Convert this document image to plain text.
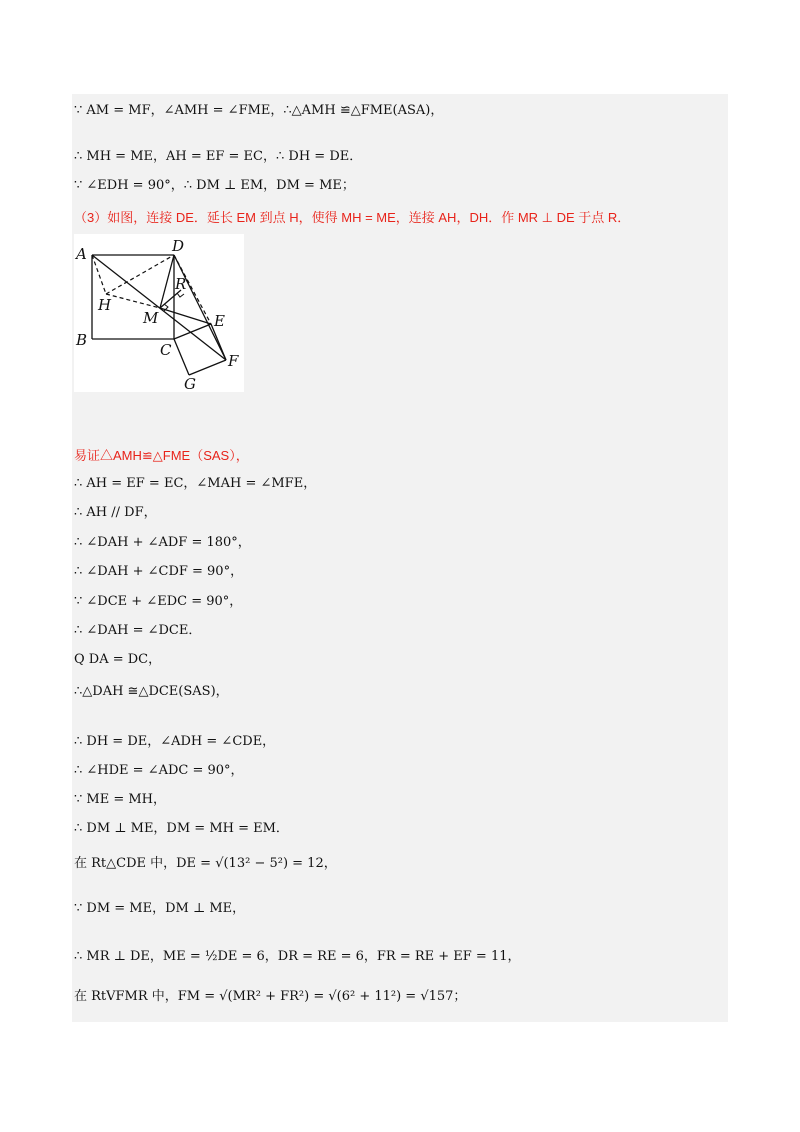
∵ AM = MF，∠AMH = ∠FME，∴△AMH ≌△FME(ASA)，
∴ MH = ME，AH = EF = EC，∴ DH = DE．
∵ ∠EDH = 90°，∴ DM ⊥ EM，DM = ME；
（3）如图，连接 DE．延长 EM 到点 H，使得 MH = ME，连接 AH，DH．作 MR ⊥ DE 于点 R．
A	D
B
C
E
F
G
H
M
R
易证△AMH≌△FME（SAS），
∴ AH = EF = EC，∠MAH = ∠MFE，
∴ AH // DF，
∴ ∠DAH + ∠ADF = 180°，
∴ ∠DAH + ∠CDF = 90°，
∵ ∠DCE + ∠EDC = 90°，
∴ ∠DAH = ∠DCE．
Q DA = DC，
∴△DAH ≅△DCE(SAS)，
∴ DH = DE，∠ADH = ∠CDE，
∴ ∠HDE = ∠ADC = 90°，
∵ ME = MH，
∴ DM ⊥ ME，DM = MH = EM．
在 Rt△CDE 中，DE = √(13² − 5²) = 12，
∵ DM = ME，DM ⊥ ME，
∴ MR ⊥ DE，ME = ½DE = 6，DR = RE = 6，FR = RE + EF = 11，
在 RtVFMR 中，FM = √(MR² + FR²) = √(6² + 11²) = √157；
